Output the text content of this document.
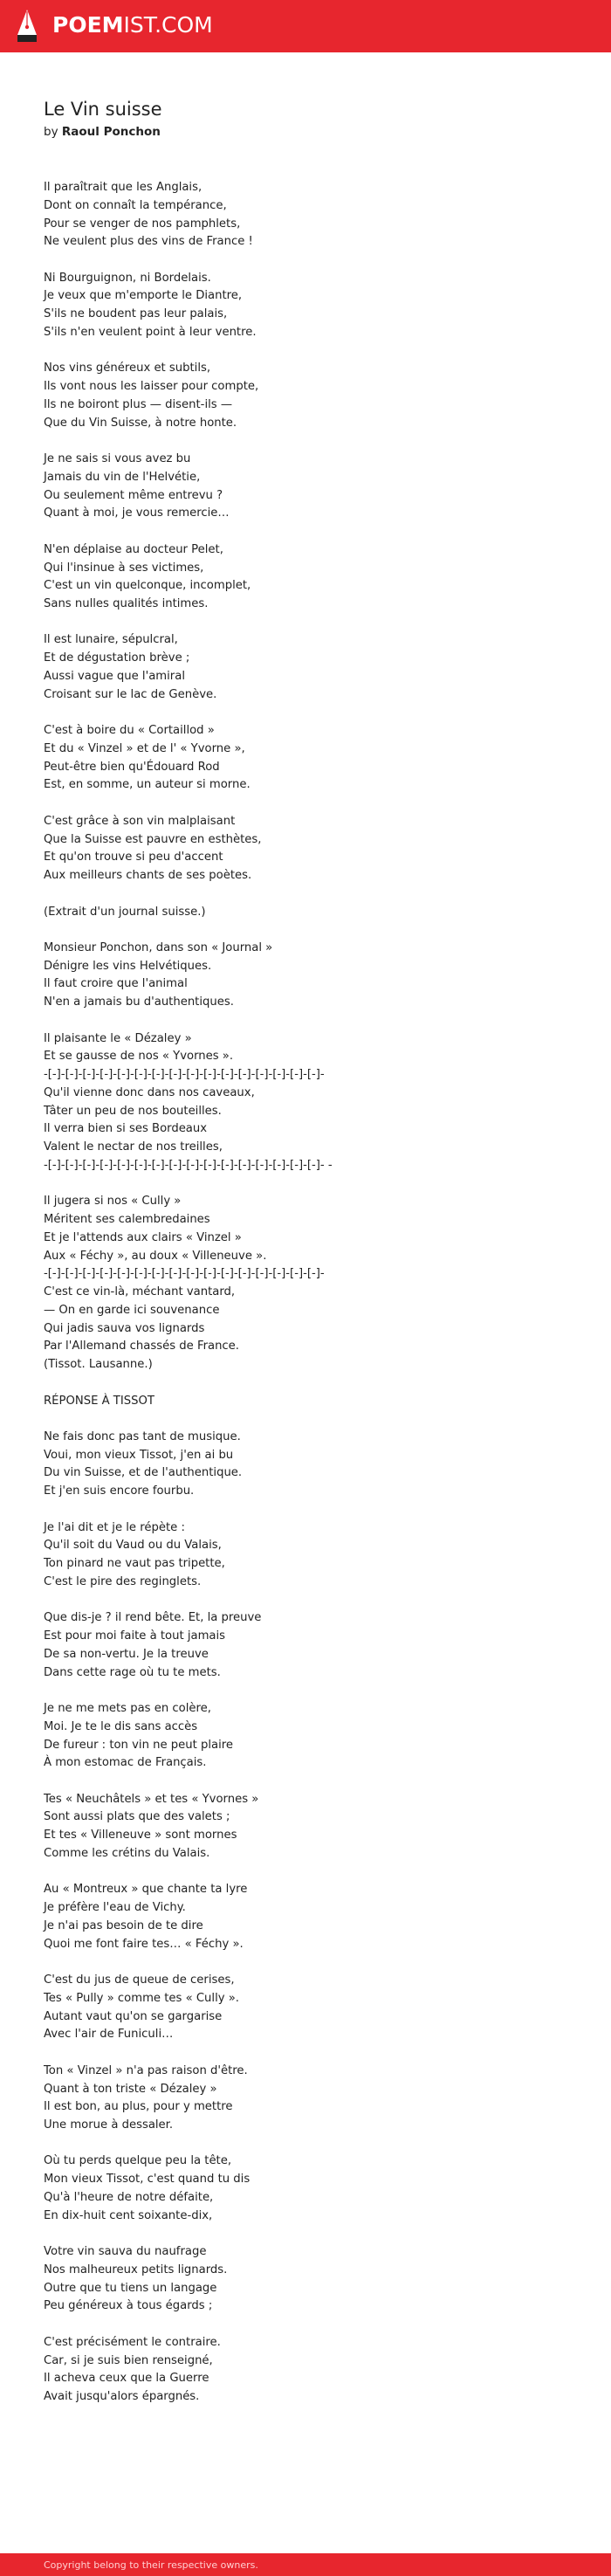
POEMIST.COM
Le Vin suisse
by Raoul Ponchon
Il paraîtrait que les Anglais,
Dont on connaît la tempérance,
Pour se venger de nos pamphlets,
Ne veulent plus des vins de France !
Ni Bourguignon, ni Bordelais.
Je veux que m'emporte le Diantre,
S'ils ne boudent pas leur palais,
S'ils n'en veulent point à leur ventre.
Nos vins généreux et subtils,
Ils vont nous les laisser pour compte,
Ils ne boiront plus — disent-ils —
Que du Vin Suisse, à notre honte.
Je ne sais si vous avez bu
Jamais du vin de l'Helvétie,
Ou seulement même entrevu ?
Quant à moi, je vous remercie…
N'en déplaise au docteur Pelet,
Qui l'insinue à ses victimes,
C'est un vin quelconque, incomplet,
Sans nulles qualités intimes.
Il est lunaire, sépulcral,
Et de dégustation brève ;
Aussi vague que l'amiral
Croisant sur le lac de Genève.
C'est à boire du « Cortaillod »
Et du « Vinzel » et de l' « Yvorne »,
Peut-être bien qu'Édouard Rod
Est, en somme, un auteur si morne.
C'est grâce à son vin malplaisant
Que la Suisse est pauvre en esthètes,
Et qu'on trouve si peu d'accent
Aux meilleurs chants de ses poètes.
(Extrait d'un journal suisse.)
Monsieur Ponchon, dans son « Journal »
Dénigre les vins Helvétiques.
Il faut croire que l'animal
N'en a jamais bu d'authentiques.
Il plaisante le « Dézaley »
Et se gausse de nos « Yvornes ».
-[-]-[-]-[-]-[-]-[-]-[-]-[-]-[-]-[-]-[-]-[-]-[-]-[-]-[-]-[-]-[-]-
Qu'il vienne donc dans nos caveaux,
Tâter un peu de nos bouteilles.
Il verra bien si ses Bordeaux
Valent le nectar de nos treilles,
-[-]-[-]-[-]-[-]-[-]-[-]-[-]-[-]-[-]-[-]-[-]-[-]-[-]-[-]-[-]-[-]- -
Il jugera si nos « Cully »
Méritent ses calembredaines
Et je l'attends aux clairs « Vinzel »
Aux « Féchy », au doux « Villeneuve ».
-[-]-[-]-[-]-[-]-[-]-[-]-[-]-[-]-[-]-[-]-[-]-[-]-[-]-[-]-[-]-[-]-
C'est ce vin-là, méchant vantard,
— On en garde ici souvenance
Qui jadis sauva vos lignards
Par l'Allemand chassés de France.
(Tissot. Lausanne.)
RÉPONSE À TISSOT
Ne fais donc pas tant de musique.
Voui, mon vieux Tissot, j'en ai bu
Du vin Suisse, et de l'authentique.
Et j'en suis encore fourbu.
Je l'ai dit et je le répète :
Qu'il soit du Vaud ou du Valais,
Ton pinard ne vaut pas tripette,
C'est le pire des reginglets.
Que dis-je ? il rend bête. Et, la preuve
Est pour moi faite à tout jamais
De sa non-vertu. Je la treuve
Dans cette rage où tu te mets.
Je ne me mets pas en colère,
Moi. Je te le dis sans accès
De fureur : ton vin ne peut plaire
À mon estomac de Français.
Tes « Neuchâtels » et tes « Yvornes »
Sont aussi plats que des valets ;
Et tes « Villeneuve » sont mornes
Comme les crétins du Valais.
Au « Montreux » que chante ta lyre
Je préfère l'eau de Vichy.
Je n'ai pas besoin de te dire
Quoi me font faire tes… « Féchy ».
C'est du jus de queue de cerises,
Tes « Pully » comme tes « Cully ».
Autant vaut qu'on se gargarise
Avec l'air de Funiculi…
Ton « Vinzel » n'a pas raison d'être.
Quant à ton triste « Dézaley »
Il est bon, au plus, pour y mettre
Une morue à dessaler.
Où tu perds quelque peu la tête,
Mon vieux Tissot, c'est quand tu dis
Qu'à l'heure de notre défaite,
En dix-huit cent soixante-dix,
Votre vin sauva du naufrage
Nos malheureux petits lignards.
Outre que tu tiens un langage
Peu généreux à tous égards ;
C'est précisément le contraire.
Car, si je suis bien renseigné,
Il acheva ceux que la Guerre
Avait jusqu'alors épargnés.
Copyright belong to their respective owners.
